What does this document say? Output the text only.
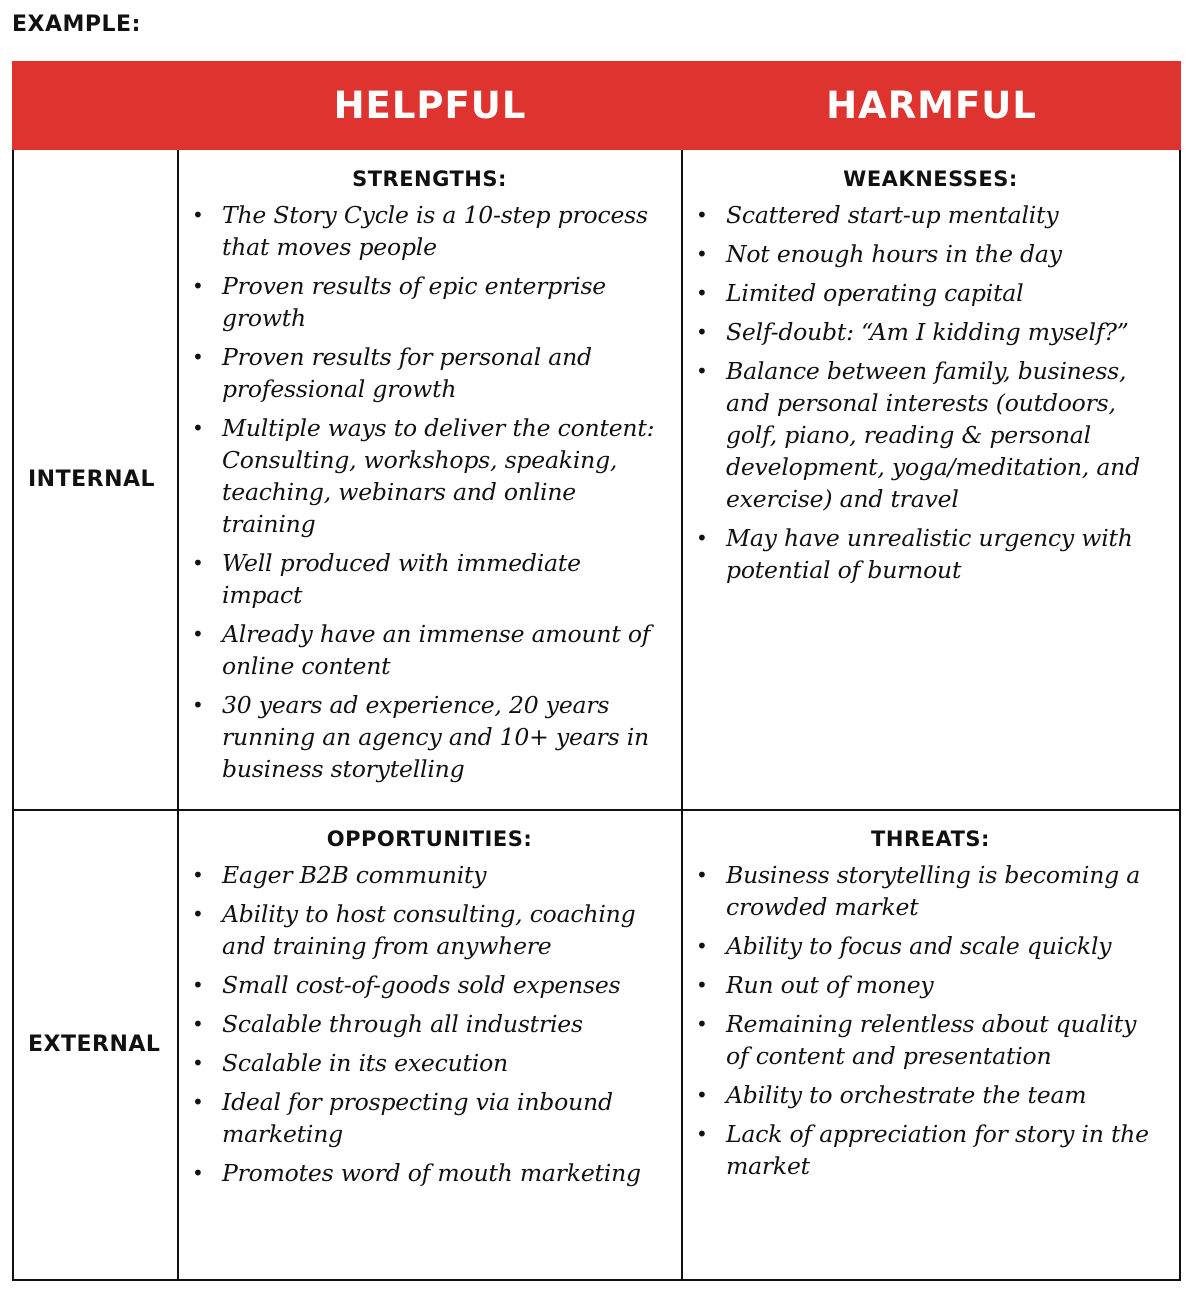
EXAMPLE:
HELPFUL	HARMFUL
INTERNAL
EXTERNAL
STRENGTHS:
• The Story Cycle is a 10-step process that moves people
• Proven results of epic enterprise growth
• Proven results for personal and professional growth
• Multiple ways to deliver the content: Consulting, workshops, speaking, teaching, webinars and online training
• Well produced with immediate impact
• Already have an immense amount of online content
• 30 years ad experience, 20 years running an agency and 10+ years in business storytelling
WEAKNESSES:
• Scattered start-up mentality
• Not enough hours in the day
• Limited operating capital
• Self-doubt: “Am I kidding myself?”
• Balance between family, business, and personal interests (outdoors, golf, piano, reading & personal development, yoga/meditation, and exercise) and travel
• May have unrealistic urgency with potential of burnout
OPPORTUNITIES:
• Eager B2B community
• Ability to host consulting, coaching and training from anywhere
• Small cost-of-goods sold expenses
• Scalable through all industries
• Scalable in its execution
• Ideal for prospecting via inbound marketing
• Promotes word of mouth marketing
THREATS:
• Business storytelling is becoming a crowded market
• Ability to focus and scale quickly
• Run out of money
• Remaining relentless about quality of content and presentation
• Ability to orchestrate the team
• Lack of appreciation for story in the market
